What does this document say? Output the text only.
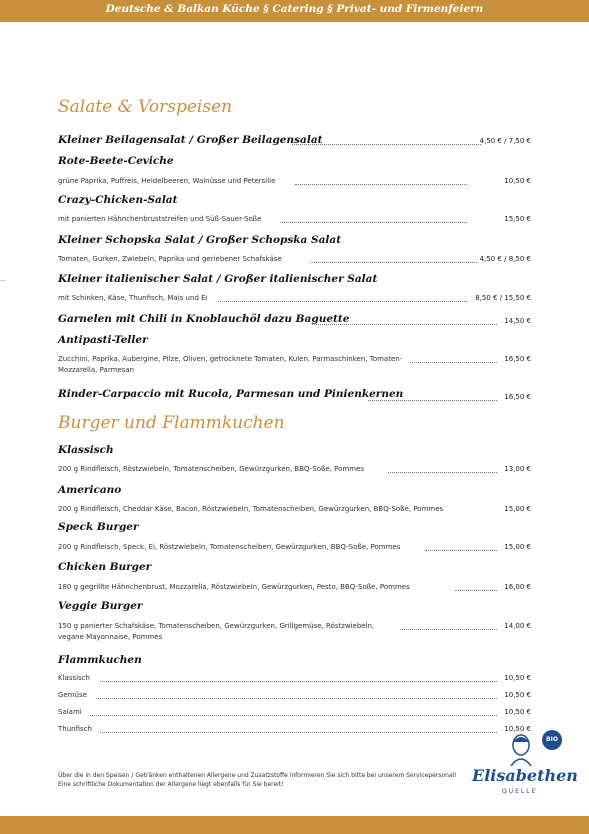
Deutsche & Balkan Küche § Catering § Privat- und Firmenfeiern
Salate & Vorspeisen
Kleiner Beilagensalat / Großer Beilagensalat	4,50 € / 7,50 €
Rote-Beete-Ceviche
grüne Paprika, Puffreis, Heidelbeeren, Walnüsse und Petersilie	10,50 €
Crazy-Chicken-Salat
mit panierten Hähnchenbruststreifen und Süß-Sauer-Soße	15,50 €
Kleiner Schopska Salat / Großer Schopska Salat
Tomaten, Gurken, Zwiebeln, Paprika und geriebener Schafskäse	4,50 € / 8,50 €
Kleiner italienischer Salat / Großer italienischer Salat
mit Schinken, Käse, Thunfisch, Mais und Ei	8,50 € / 15,50 €
Garnelen mit Chili in Knoblauchöl dazu Baguette	14,50 €
Antipasti-Teller
Zucchini, Paprika, Aubergine, Pilze, Oliven, getrocknete Tomaten, Kulen, Parmaschinken, Tomaten-Mozzarella, Parmesan
16,50 €
Rinder-Carpaccio mit Rucola, Parmesan und Pinienkernen	16,50 €
Burger und Flammkuchen
Klassisch
200 g Rindfleisch, Röstzwiebeln, Tomatenscheiben, Gewürzgurken, BBQ-Soße, Pommes	13,00 €
Americano
200 g Rindfleisch, Cheddar Käse, Bacon, Röstzwiebeln, Tomatenscheiben, Gewürzgurken, BBQ-Soße, Pommes	15,00 €
Speck Burger
200 g Rindfleisch, Speck, Ei, Röstzwiebeln, Tomatenscheiben, Gewürzgurken, BBQ-Soße, Pommes	15,00 €
Chicken Burger
180 g gegrillte Hähnchenbrust, Mozzarella, Röstzwiebeln, Gewürzgurken, Pesto, BBQ-Soße, Pommes	16,00 €
Veggie Burger
150 g panierter Schafskäse, Tomatenscheiben, Gewürzgurken, Grillgemüse, Röstzwiebeln, vegane Mayonnaise, Pommes
14,00 €
Flammkuchen
Klassisch	10,50 €
Gemüse	10,50 €
Salami	10,50 €
Thunfisch	10,50 €
Über die in den Speisen / Getränken enthaltenen Allergene und Zusatzstoffe informieren Sie sich bitte bei unserem Servicepersonal! Eine schriftliche Dokumentation der Allergene liegt ebenfalls für Sie bereit!
BIO
Elisabethen
QUELLE
